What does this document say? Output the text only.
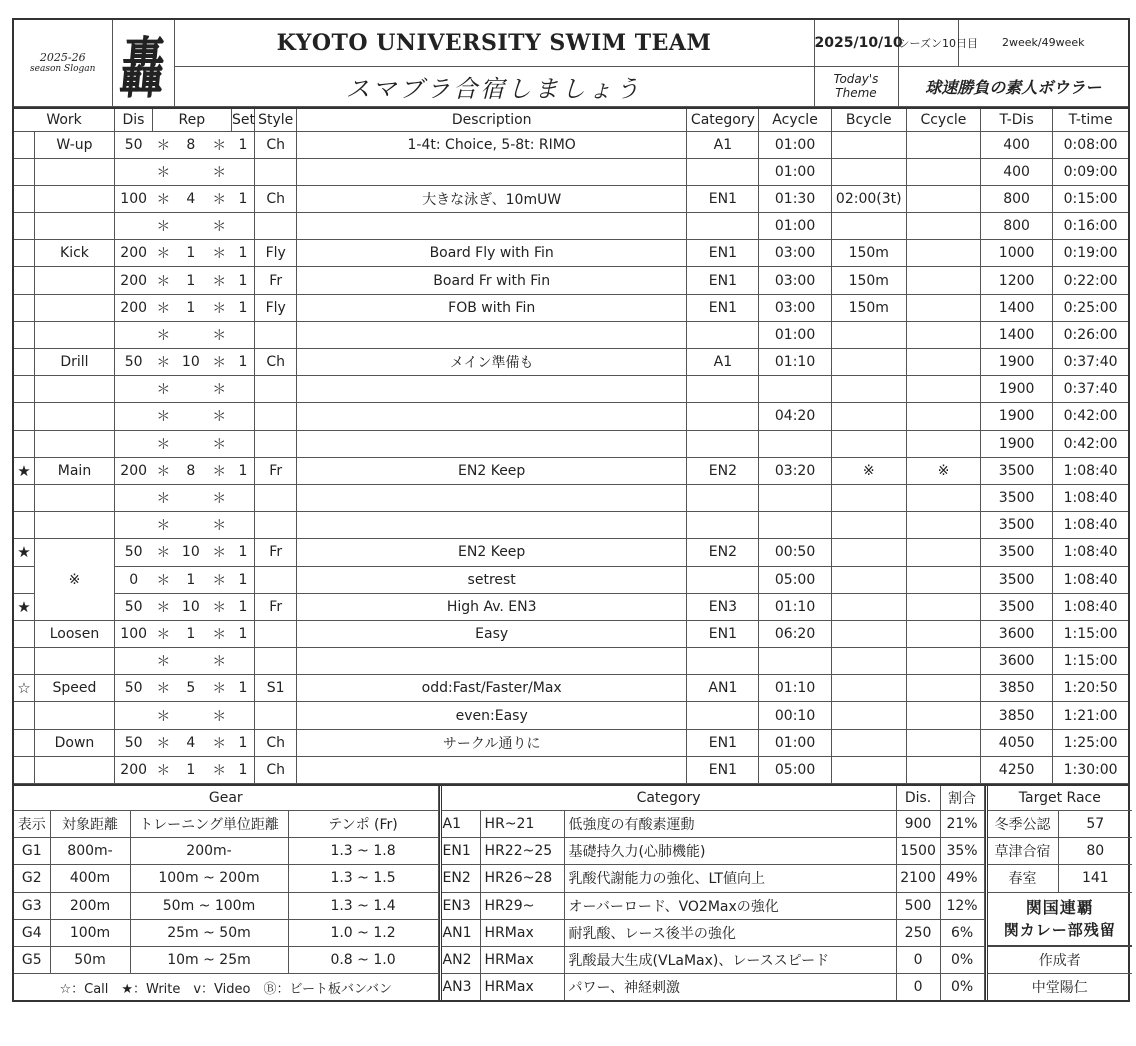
2025-26
season Slogan	轟	KYOTO UNIVERSITY SWIM TEAM	2025/10/10	シーズン10日目	2week/49week
		スマブラ合宿しましょう	Today's
Theme	球速勝負の素人ボウラー	
Work		Dis	Rep			Set	Style	Description	Category	Acycle	Bcycle	Ccycle	T-Dis	T-time
	W-up	50	＊	8	＊	1	Ch	1-4t: Choice, 5-8t: RIMO	A1	01:00			400	0:08:00
			＊		＊					01:00			400	0:09:00
		100	＊	4	＊	1	Ch	大きな泳ぎ、10mUW	EN1	01:30	02:00(3t)		800	0:15:00
			＊		＊					01:00			800	0:16:00
	Kick	200	＊	1	＊	1	Fly	Board Fly with Fin	EN1	03:00	150m		1000	0:19:00
		200	＊	1	＊	1	Fr	Board Fr with Fin	EN1	03:00	150m		1200	0:22:00
		200	＊	1	＊	1	Fly	FOB with Fin	EN1	03:00	150m		1400	0:25:00
			＊		＊					01:00			1400	0:26:00
	Drill	50	＊	10	＊	1	Ch	メイン準備も	A1	01:10			1900	0:37:40
			＊		＊								1900	0:37:40
			＊		＊					04:20			1900	0:42:00
			＊		＊								1900	0:42:00
★	Main	200	＊	8	＊	1	Fr	EN2 Keep	EN2	03:20	※	※	3500	1:08:40
			＊		＊								3500	1:08:40
			＊		＊								3500	1:08:40
★	※	50	＊	10	＊	1	Fr	EN2 Keep	EN2	00:50			3500	1:08:40
		0	＊	1	＊	1		setrest		05:00			3500	1:08:40
★		50	＊	10	＊	1	Fr	High Av. EN3	EN3	01:10			3500	1:08:40
	Loosen	100	＊	1	＊	1		Easy	EN1	06:20			3600	1:15:00
			＊		＊								3600	1:15:00
☆	Speed	50	＊	5	＊	1	S1	odd:Fast/Faster/Max	AN1	01:10			3850	1:20:50
			＊		＊			even:Easy		00:10			3850	1:21:00
	Down	50	＊	4	＊	1	Ch	サークル通りに	EN1	01:00			4050	1:25:00
		200	＊	1	＊	1	Ch		EN1	05:00			4250	1:30:00
Gear			
表示	対象距離	トレーニング単位距離	テンポ (Fr)
G1	800m-	200m-	1.3 ~ 1.8
G2	400m	100m ~ 200m	1.3 ~ 1.5
G3	200m	50m ~ 100m	1.3 ~ 1.4
G4	100m	25m ~ 50m	1.0 ~ 1.2
G5	50m	10m ~ 25m	0.8 ~ 1.0
☆：Call　★：Write　v：Video　Ⓑ：ビート板バンバン			
Category			Dis.	割合
A1	HR~21	低強度の有酸素運動	900	21%
EN1	HR22~25	基礎持久力(心肺機能)	1500	35%
EN2	HR26~28	乳酸代謝能力の強化、LT値向上	2100	49%
EN3	HR29~	オーバーロード、VO2Maxの強化	500	12%
AN1	HRMax	耐乳酸、レース後半の強化	250	6%
AN2	HRMax	乳酸最大生成(VLaMax)、レーススピード	0	0%
AN3	HRMax	パワー、神経刺激	0	0%
Target Race	
冬季公認	57
草津合宿	80
春室	141

関国連覇
関カレー部残留	

作成者	
中堂陽仁	
